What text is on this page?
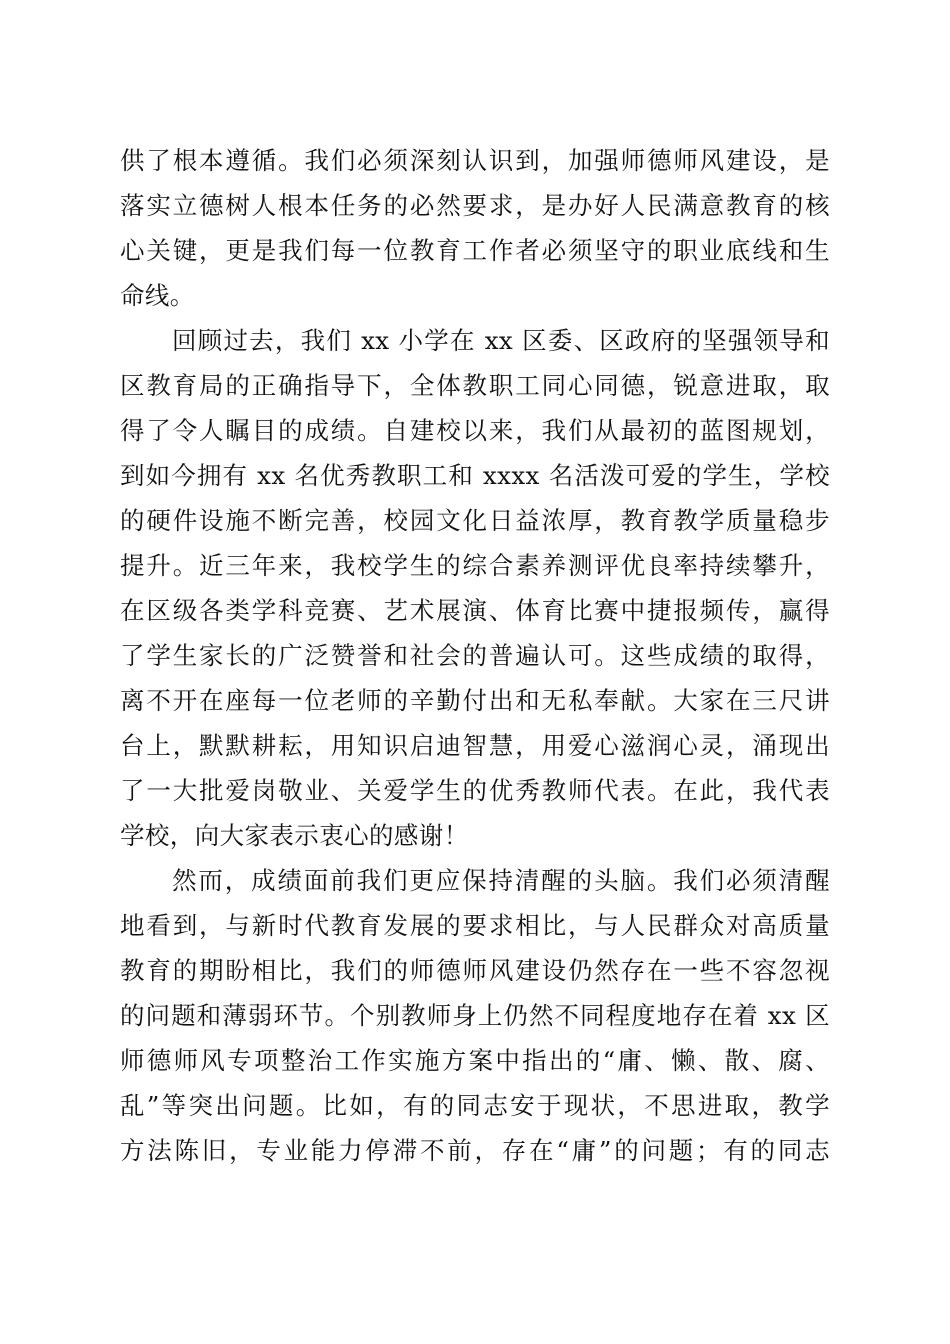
供了根本遵循。我们必须深刻认识到，加强师德师风建设，是
落实立德树人根本任务的必然要求，是办好人民满意教育的核
心关键，更是我们每一位教育工作者必须坚守的职业底线和生
命线。
回顾过去，我们 xx 小学在 xx 区委、区政府的坚强领导和
区教育局的正确指导下，全体教职工同心同德，锐意进取，取
得了令人瞩目的成绩。自建校以来，我们从最初的蓝图规划，
到如今拥有 xx 名优秀教职工和 xxxx 名活泼可爱的学生，学校
的硬件设施不断完善，校园文化日益浓厚，教育教学质量稳步
提升。近三年来，我校学生的综合素养测评优良率持续攀升，
在区级各类学科竞赛、艺术展演、体育比赛中捷报频传，赢得
了学生家长的广泛赞誉和社会的普遍认可。这些成绩的取得，
离不开在座每一位老师的辛勤付出和无私奉献。大家在三尺讲
台上，默默耕耘，用知识启迪智慧，用爱心滋润心灵，涌现出
了一大批爱岗敬业、关爱学生的优秀教师代表。在此，我代表
学校，向大家表示衷心的感谢！
然而，成绩面前我们更应保持清醒的头脑。我们必须清醒
地看到，与新时代教育发展的要求相比，与人民群众对高质量
教育的期盼相比，我们的师德师风建设仍然存在一些不容忽视
的问题和薄弱环节。个别教师身上仍然不同程度地存在着 xx 区
师德师风专项整治工作实施方案中指出的“庸、懒、散、腐、
乱”等突出问题。比如，有的同志安于现状，不思进取，教学
方法陈旧，专业能力停滞不前，存在“庸”的问题；有的同志
